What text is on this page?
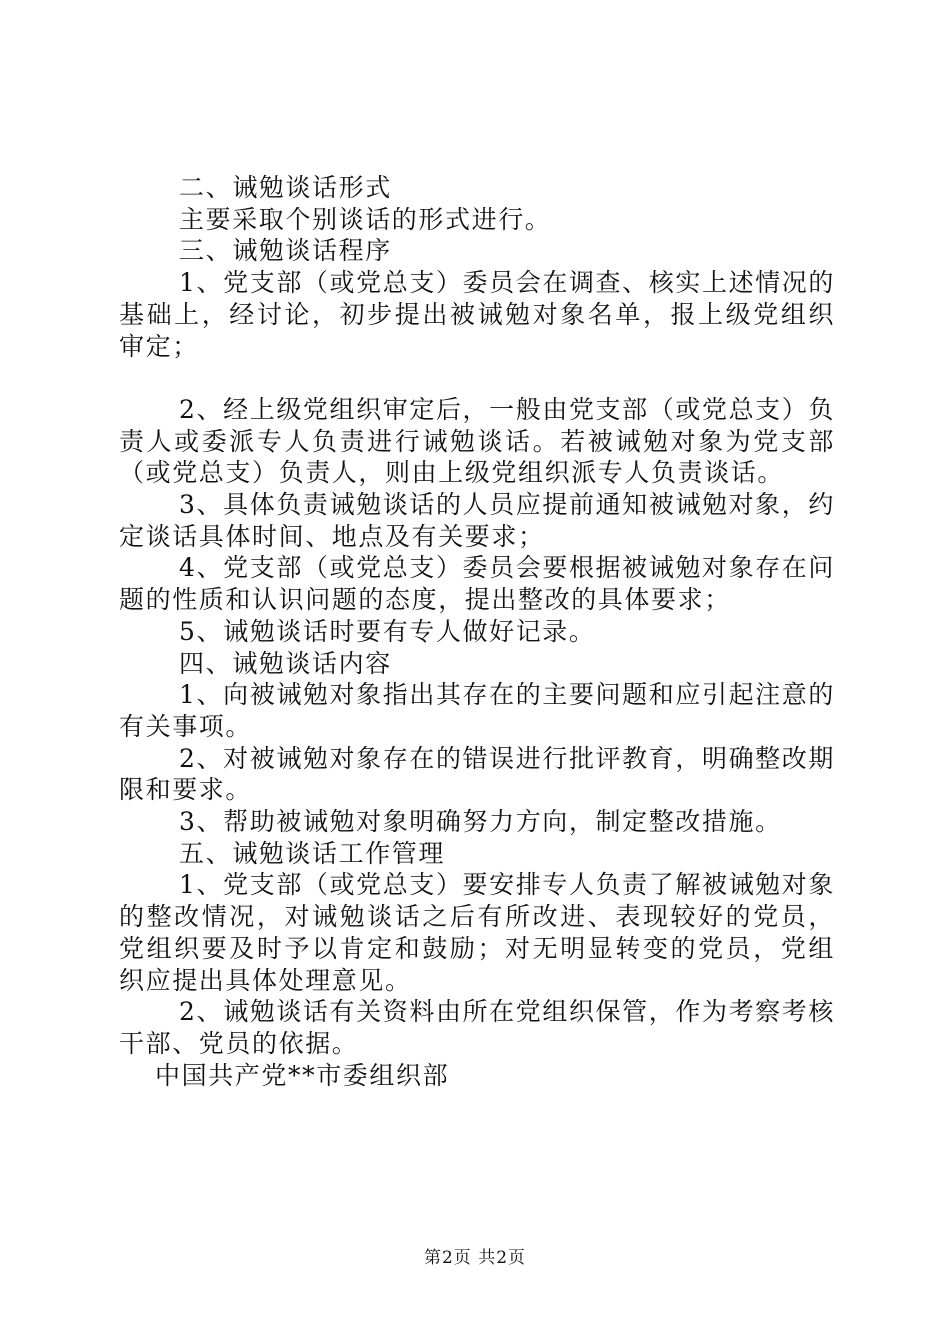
二、诫勉谈话形式

主要采取个别谈话的形式进行。

三、诫勉谈话程序

1、党支部（或党总支）委员会在调查、核实上述情况的基础上，经讨论，初步提出被诫勉对象名单，报上级党组织审定；

2、经上级党组织审定后，一般由党支部（或党总支）负责人或委派专人负责进行诫勉谈话。若被诫勉对象为党支部（或党总支）负责人，则由上级党组织派专人负责谈话。

3、具体负责诫勉谈话的人员应提前通知被诫勉对象，约定谈话具体时间、地点及有关要求；

4、党支部（或党总支）委员会要根据被诫勉对象存在问题的性质和认识问题的态度，提出整改的具体要求；

5、诫勉谈话时要有专人做好记录。

四、诫勉谈话内容

1、向被诫勉对象指出其存在的主要问题和应引起注意的有关事项。

2、对被诫勉对象存在的错误进行批评教育，明确整改期限和要求。

3、帮助被诫勉对象明确努力方向，制定整改措施。

五、诫勉谈话工作管理

1、党支部（或党总支）要安排专人负责了解被诫勉对象的整改情况，对诫勉谈话之后有所改进、表现较好的党员，党组织要及时予以肯定和鼓励；对无明显转变的党员，党组织应提出具体处理意见。

2、诫勉谈话有关资料由所在党组织保管，作为考察考核干部、党员的依据。

中国共产党**市委组织部

第2页 共2页
